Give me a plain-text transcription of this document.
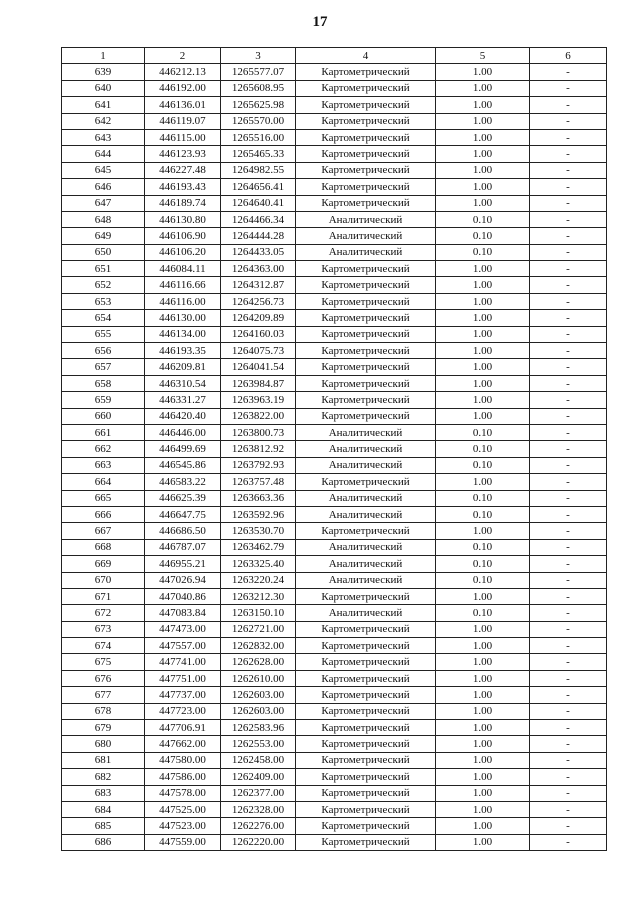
17
1	2	3	4	5	6
639	446212.13	1265577.07	Картометрический	1.00	-
640	446192.00	1265608.95	Картометрический	1.00	-
641	446136.01	1265625.98	Картометрический	1.00	-
642	446119.07	1265570.00	Картометрический	1.00	-
643	446115.00	1265516.00	Картометрический	1.00	-
644	446123.93	1265465.33	Картометрический	1.00	-
645	446227.48	1264982.55	Картометрический	1.00	-
646	446193.43	1264656.41	Картометрический	1.00	-
647	446189.74	1264640.41	Картометрический	1.00	-
648	446130.80	1264466.34	Аналитический	0.10	-
649	446106.90	1264444.28	Аналитический	0.10	-
650	446106.20	1264433.05	Аналитический	0.10	-
651	446084.11	1264363.00	Картометрический	1.00	-
652	446116.66	1264312.87	Картометрический	1.00	-
653	446116.00	1264256.73	Картометрический	1.00	-
654	446130.00	1264209.89	Картометрический	1.00	-
655	446134.00	1264160.03	Картометрический	1.00	-
656	446193.35	1264075.73	Картометрический	1.00	-
657	446209.81	1264041.54	Картометрический	1.00	-
658	446310.54	1263984.87	Картометрический	1.00	-
659	446331.27	1263963.19	Картометрический	1.00	-
660	446420.40	1263822.00	Картометрический	1.00	-
661	446446.00	1263800.73	Аналитический	0.10	-
662	446499.69	1263812.92	Аналитический	0.10	-
663	446545.86	1263792.93	Аналитический	0.10	-
664	446583.22	1263757.48	Картометрический	1.00	-
665	446625.39	1263663.36	Аналитический	0.10	-
666	446647.75	1263592.96	Аналитический	0.10	-
667	446686.50	1263530.70	Картометрический	1.00	-
668	446787.07	1263462.79	Аналитический	0.10	-
669	446955.21	1263325.40	Аналитический	0.10	-
670	447026.94	1263220.24	Аналитический	0.10	-
671	447040.86	1263212.30	Картометрический	1.00	-
672	447083.84	1263150.10	Аналитический	0.10	-
673	447473.00	1262721.00	Картометрический	1.00	-
674	447557.00	1262832.00	Картометрический	1.00	-
675	447741.00	1262628.00	Картометрический	1.00	-
676	447751.00	1262610.00	Картометрический	1.00	-
677	447737.00	1262603.00	Картометрический	1.00	-
678	447723.00	1262603.00	Картометрический	1.00	-
679	447706.91	1262583.96	Картометрический	1.00	-
680	447662.00	1262553.00	Картометрический	1.00	-
681	447580.00	1262458.00	Картометрический	1.00	-
682	447586.00	1262409.00	Картометрический	1.00	-
683	447578.00	1262377.00	Картометрический	1.00	-
684	447525.00	1262328.00	Картометрический	1.00	-
685	447523.00	1262276.00	Картометрический	1.00	-
686	447559.00	1262220.00	Картометрический	1.00	-
